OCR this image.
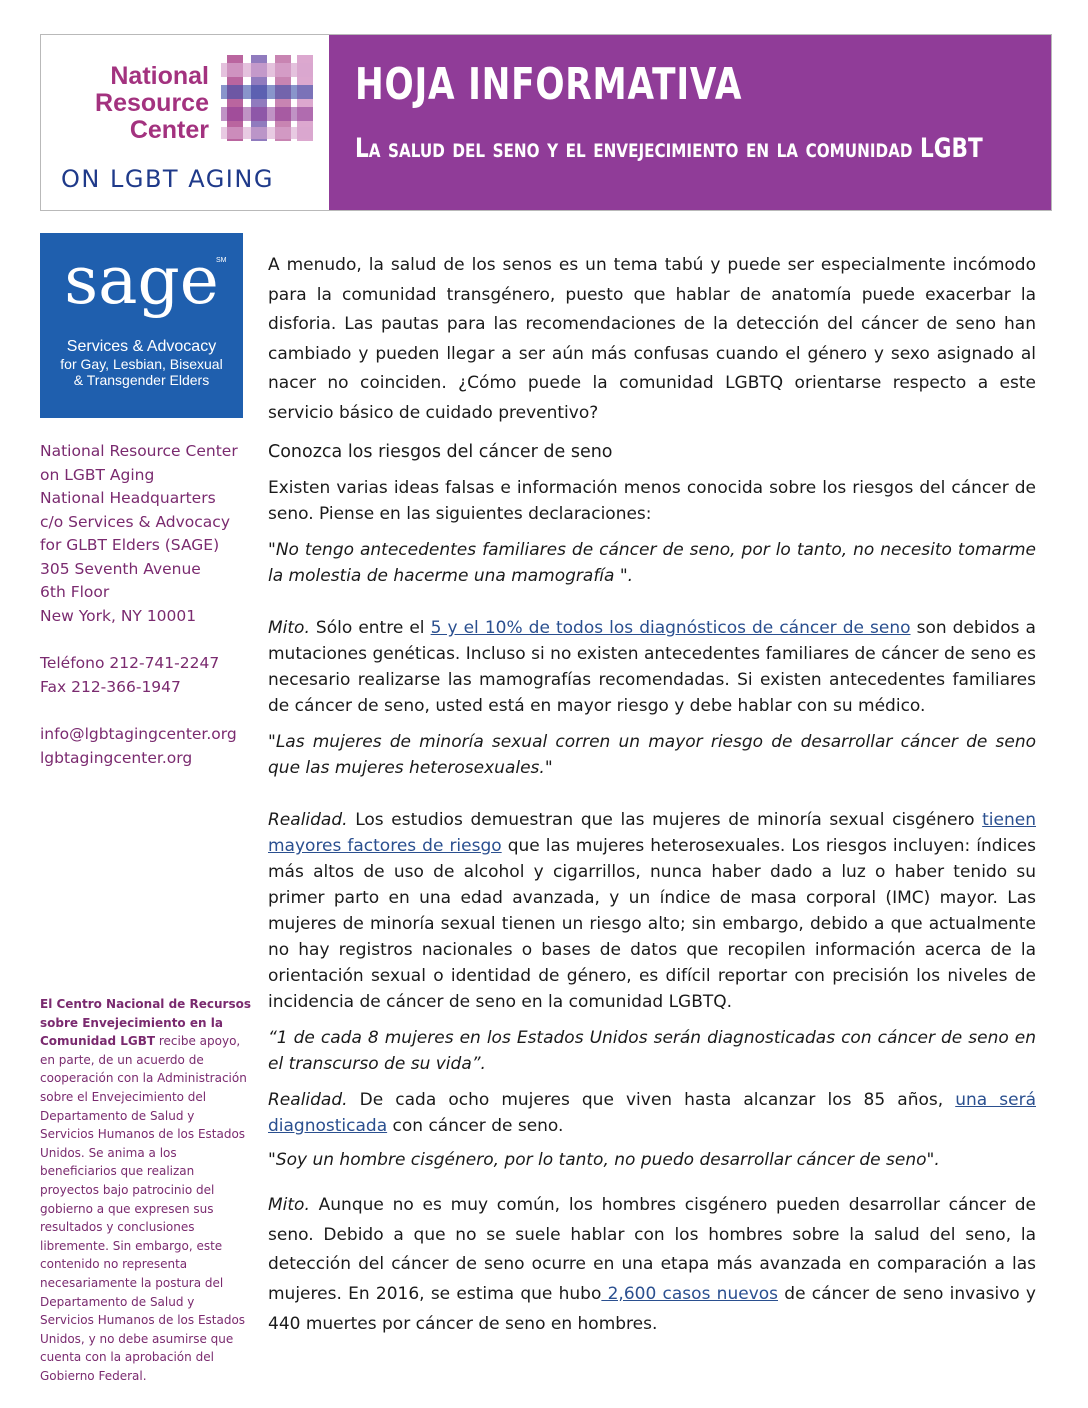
National
Resource
Center
ON LGBT AGING
HOJA INFORMATIVA
La salud del seno y el envejecimiento en la comunidad LGBT
sage
SM
Services & Advocacy
for Gay, Lesbian, Bisexual
& Transgender Elders

National Resource Center

on LGBT Aging

National Headquarters

c/o Services & Advocacy

for GLBT Elders (SAGE)

305 Seventh Avenue

6th Floor

New York, NY 10001

Teléfono 212-741-2247

Fax 212-366-1947

info@lgbtagingcenter.org

lgbtagingcenter.org

El Centro Nacional de Recursos sobre Envejecimiento en la Comunidad LGBT recibe apoyo, en parte, de un acuerdo de cooperación con la Administración sobre el Envejecimiento del Departamento de Salud y Servicios Humanos de los Estados Unidos. Se anima a los beneficiarios que realizan proyectos bajo patrocinio del gobierno a que expresen sus resultados y conclusiones libremente. Sin embargo, este contenido no representa necesariamente la postura del Departamento de Salud y Servicios Humanos de los Estados Unidos, y no debe asumirse que cuenta con la aprobación del Gobierno Federal.

A menudo, la salud de los senos es un tema tabú y puede ser especialmente incómodo para la comunidad transgénero, puesto que hablar de anatomía puede exacerbar la disforia. Las pautas para las recomendaciones de la detección del cáncer de seno han cambiado y pueden llegar a ser aún más confusas cuando el género y sexo asignado al nacer no coinciden. ¿Cómo puede la comunidad LGBTQ orientarse respecto a este servicio básico de cuidado preventivo?

Conozca los riesgos del cáncer de seno

Existen varias ideas falsas e información menos conocida sobre los riesgos del cáncer de seno. Piense en las siguientes declaraciones:

"No tengo antecedentes familiares de cáncer de seno, por lo tanto, no necesito tomarme la molestia de hacerme una mamografía ".

Mito. Sólo entre el 5 y el 10% de todos los diagnósticos de cáncer de seno son debidos a mutaciones genéticas. Incluso si no existen antecedentes familiares de cáncer de seno es necesario realizarse las mamografías recomendadas. Si existen antecedentes familiares de cáncer de seno, usted está en mayor riesgo y debe hablar con su médico.

"Las mujeres de minoría sexual corren un mayor riesgo de desarrollar cáncer de seno que las mujeres heterosexuales."

Realidad. Los estudios demuestran que las mujeres de minoría sexual cisgénero tienen mayores factores de riesgo que las mujeres heterosexuales. Los riesgos incluyen: índices más altos de uso de alcohol y cigarrillos, nunca haber dado a luz o haber tenido su primer parto en una edad avanzada, y un índice de masa corporal (IMC) mayor. Las mujeres de minoría sexual tienen un riesgo alto; sin embargo, debido a que actualmente no hay registros nacionales o bases de datos que recopilen información acerca de la orientación sexual o identidad de género, es difícil reportar con precisión los niveles de incidencia de cáncer de seno en la comunidad LGBTQ.

“1 de cada 8 mujeres en los Estados Unidos serán diagnosticadas con cáncer de seno en el transcurso de su vida”.

Realidad. De cada ocho mujeres que viven hasta alcanzar los 85 años, una será diagnosticada con cáncer de seno.

"Soy un hombre cisgénero, por lo tanto, no puedo desarrollar cáncer de seno".

Mito. Aunque no es muy común, los hombres cisgénero pueden desarrollar cáncer de seno. Debido a que no se suele hablar con los hombres sobre la salud del seno, la detección del cáncer de seno ocurre en una etapa más avanzada en comparación a las mujeres. En 2016, se estima que hubo 2,600 casos nuevos de cáncer de seno invasivo y 440 muertes por cáncer de seno en hombres.
